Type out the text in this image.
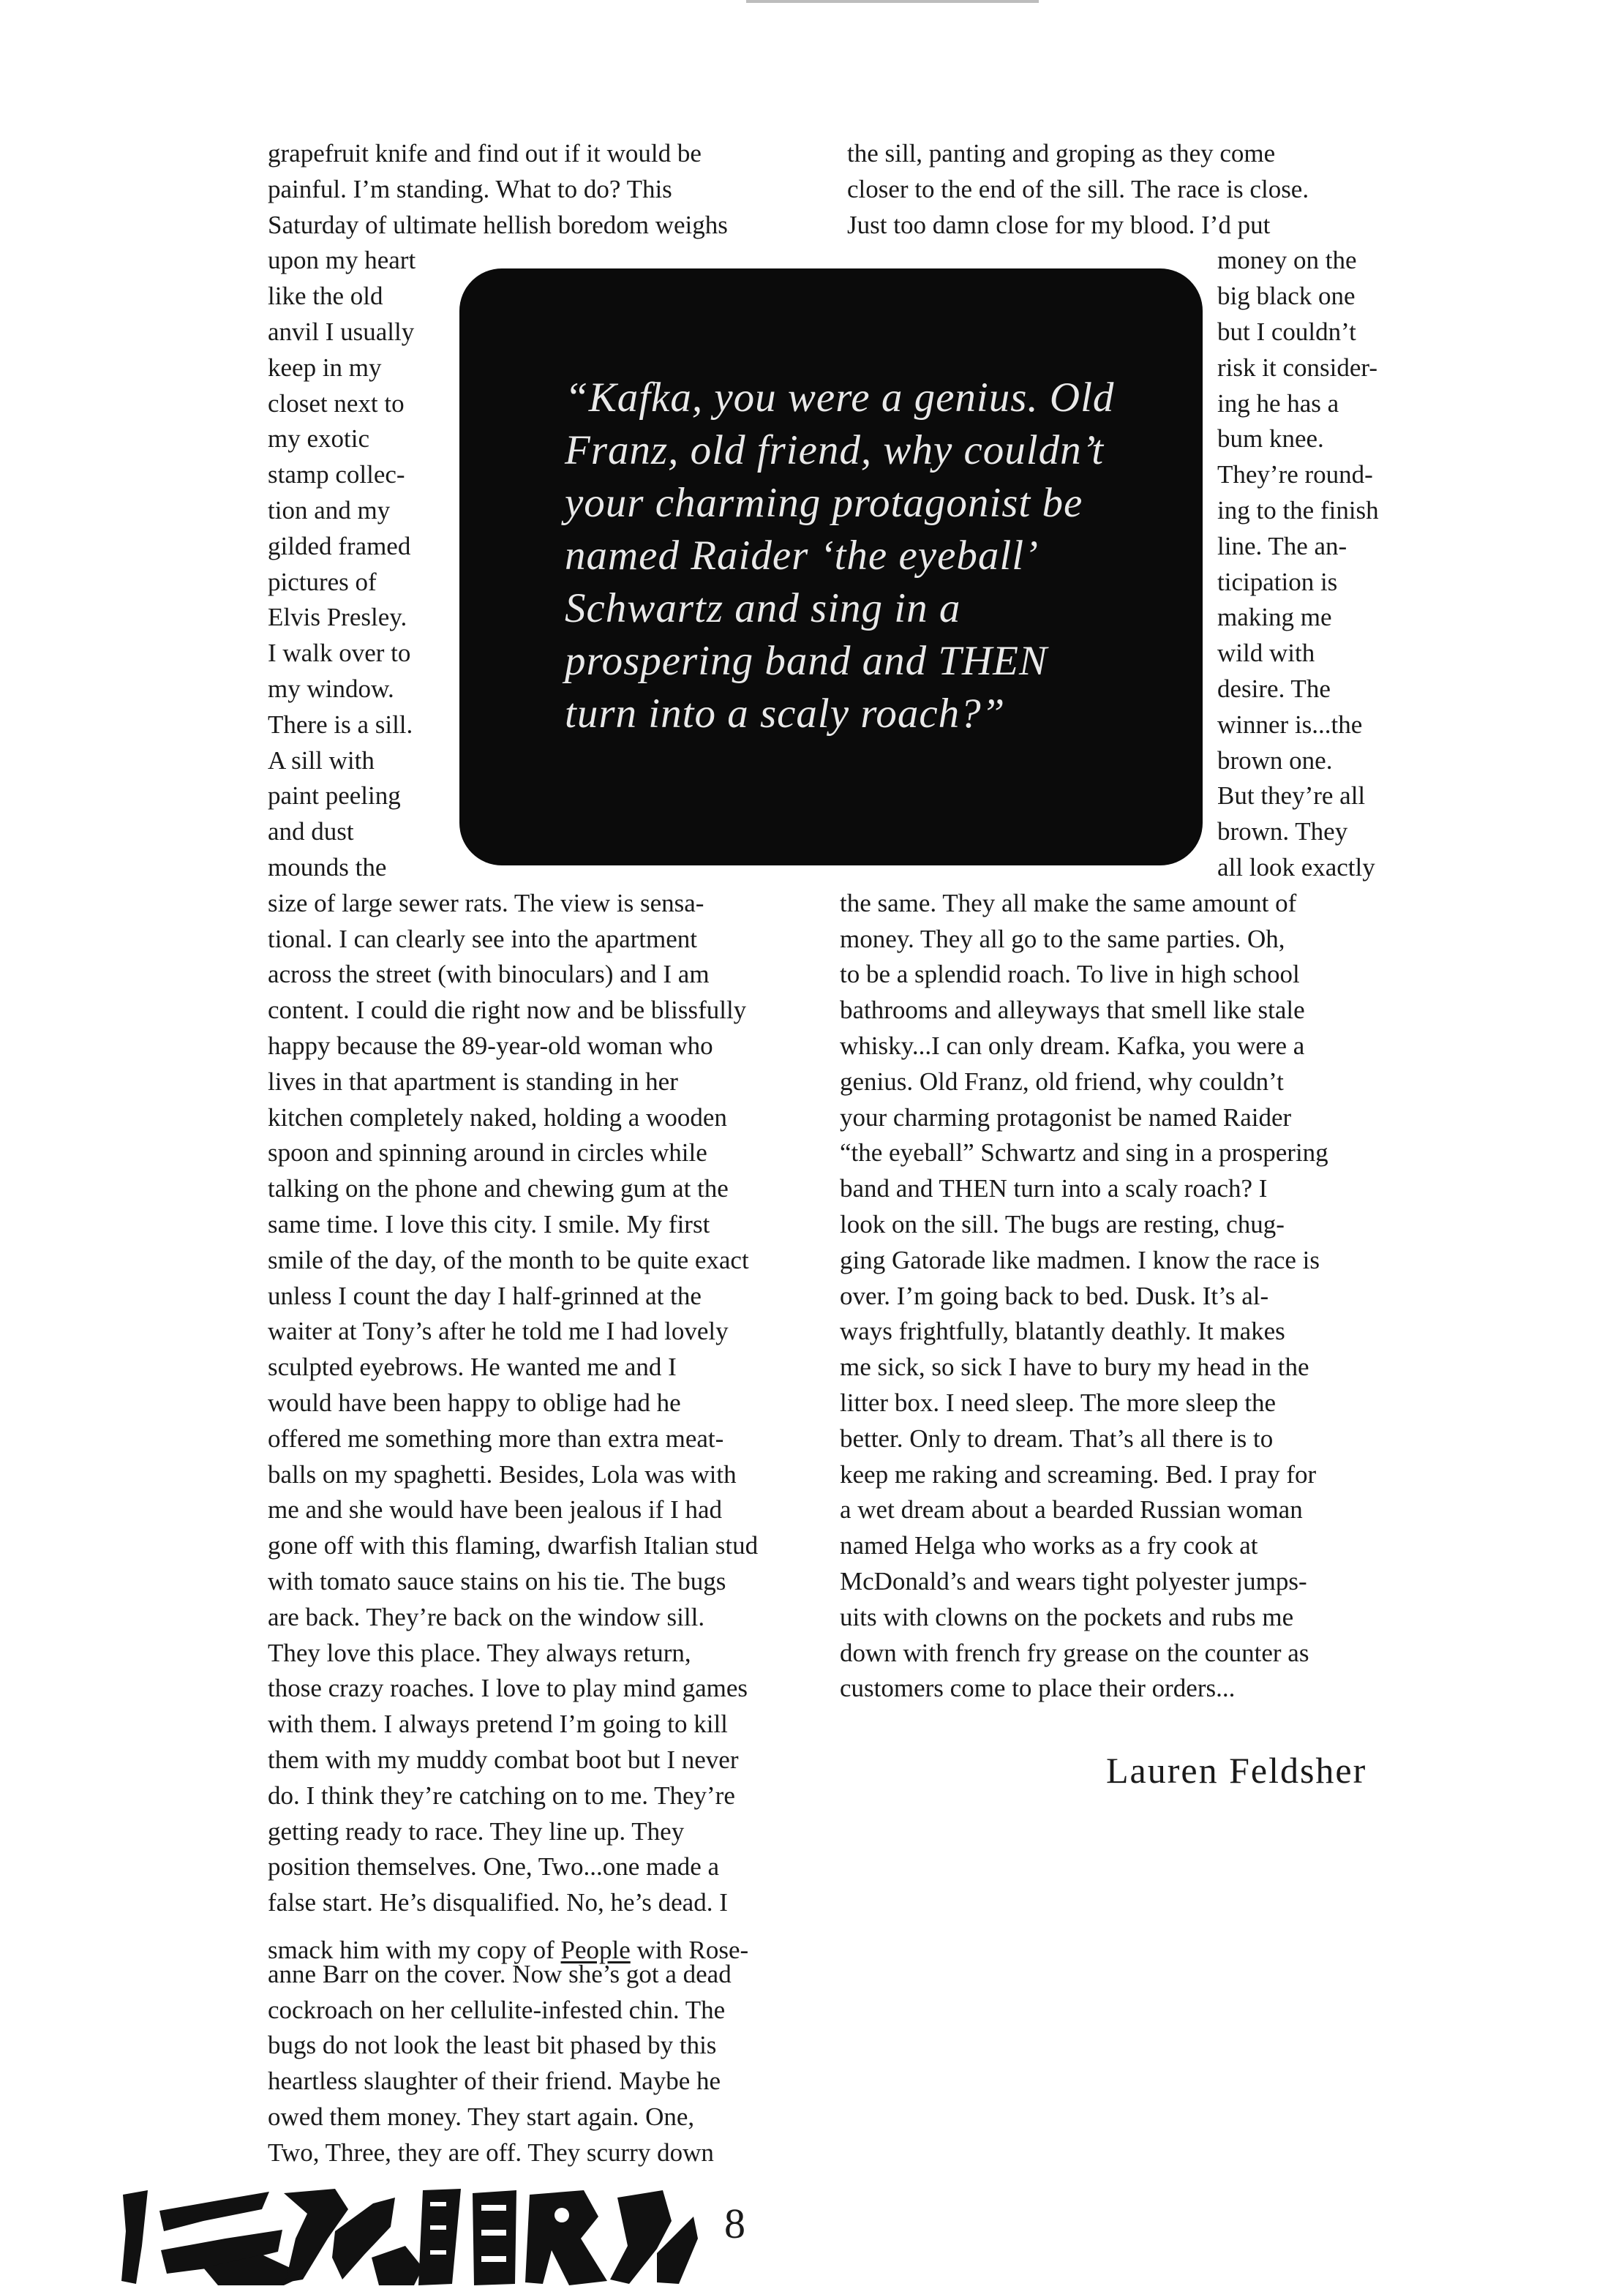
grapefruit knife and find out if it would be
painful. I’m standing. What to do? This
Saturday of ultimate hellish boredom weighs
upon my heart
like the old
anvil I usually
keep in my
closet next to
my exotic
stamp collec-
tion and my
gilded framed
pictures of
Elvis Presley.
I walk over to
my window.
There is a sill.
A sill with
paint peeling
and dust
mounds the
size of large sewer rats. The view is sensa-
tional. I can clearly see into the apartment
across the street (with binoculars) and I am
content. I could die right now and be blissfully
happy because the 89-year-old woman who
lives in that apartment is standing in her
kitchen completely naked, holding a wooden
spoon and spinning around in circles while
talking on the phone and chewing gum at the
same time. I love this city. I smile. My first
smile of the day, of the month to be quite exact
unless I count the day I half-grinned at the
waiter at Tony’s after he told me I had lovely
sculpted eyebrows. He wanted me and I
would have been happy to oblige had he
offered me something more than extra meat-
balls on my spaghetti. Besides, Lola was with
me and she would have been jealous if I had
gone off with this flaming, dwarfish Italian stud
with tomato sauce stains on his tie. The bugs
are back. They’re back on the window sill.
They love this place. They always return,
those crazy roaches. I love to play mind games
with them. I always pretend I’m going to kill
them with my muddy combat boot but I never
do. I think they’re catching on to me. They’re
getting ready to race. They line up. They
position themselves. One, Two...one made a
false start. He’s disqualified. No, he’s dead. I
smack him with my copy of People with Rose-
anne Barr on the cover. Now she’s got a dead
cockroach on her cellulite-infested chin. The
bugs do not look the least bit phased by this
heartless slaughter of their friend. Maybe he
owed them money. They start again. One,
Two, Three, they are off. They scurry down
the sill, panting and groping as they come
closer to the end of the sill. The race is close.
Just too damn close for my blood. I’d put
money on the
big black one
but I couldn’t
risk it consider-
ing he has a
bum knee.
They’re round-
ing to the finish
line. The an-
ticipation is
making me
wild with
desire. The
winner is...the
brown one.
But they’re all
brown. They
all look exactly
the same. They all make the same amount of
money. They all go to the same parties. Oh,
to be a splendid roach. To live in high school
bathrooms and alleyways that smell like stale
whisky...I can only dream. Kafka, you were a
genius. Old Franz, old friend, why couldn’t
your charming protagonist be named Raider
“the eyeball” Schwartz and sing in a prospering
band and THEN turn into a scaly roach? I
look on the sill. The bugs are resting, chug-
ging Gatorade like madmen. I know the race is
over. I’m going back to bed. Dusk. It’s al-
ways frightfully, blatantly deathly. It makes
me sick, so sick I have to bury my head in the
litter box. I need sleep. The more sleep the
better. Only to dream. That’s all there is to
keep me raking and screaming. Bed. I pray for
a wet dream about a bearded Russian woman
named Helga who works as a fry cook at
McDonald’s and wears tight polyester jumps-
uits with clowns on the pockets and rubs me
down with french fry grease on the counter as
customers come to place their orders...
“Kafka, you were a genius. Old
Franz, old friend, why couldn’t
your charming protagonist be
named Raider ‘the eyeball’
Schwartz and sing in a
prospering band and THEN
turn into a scaly roach?”
Lauren Feldsher
8
